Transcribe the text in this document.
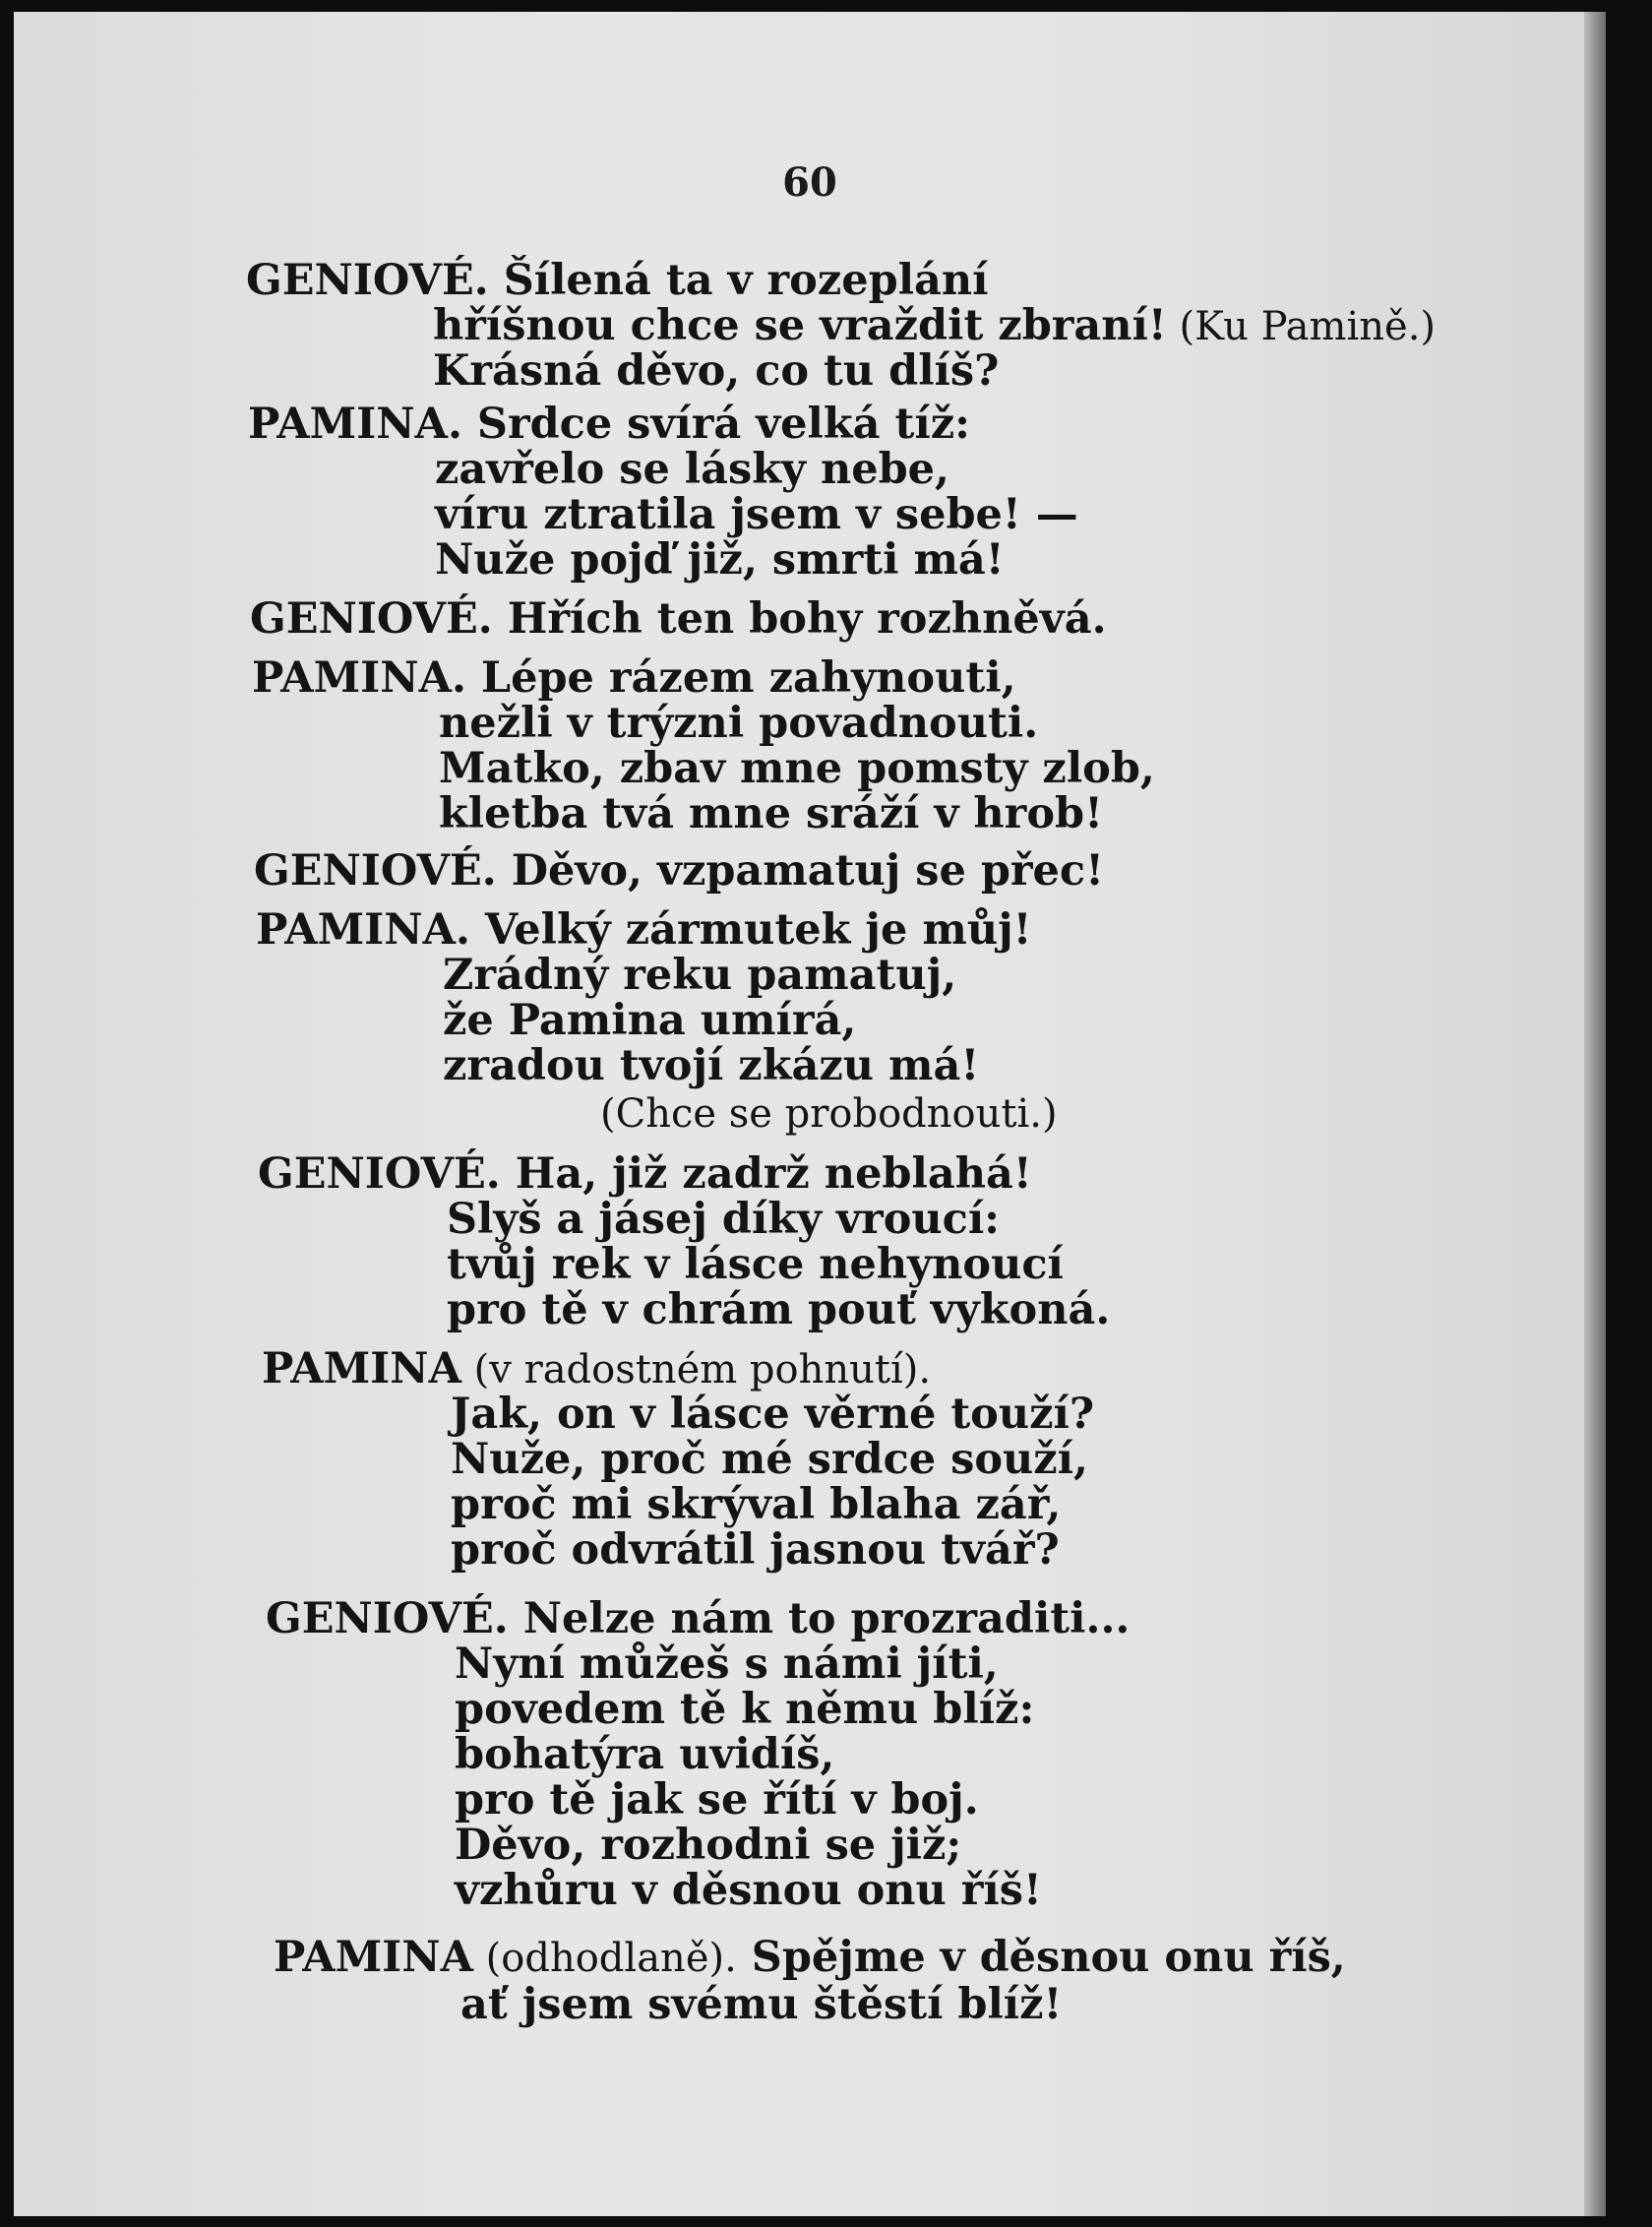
60
GENIOVÉ. Šílená ta v rozeplání
hříšnou chce se vraždit zbraní! (Ku Pamině.)
Krásná děvo, co tu dlíš?
PAMINA. Srdce svírá velká tíž:
zavřelo se lásky nebe,
víru ztratila jsem v sebe! —
Nuže pojď již, smrti má!
GENIOVÉ. Hřích ten bohy rozhněvá.
PAMINA. Lépe rázem zahynouti,
nežli v trýzni povadnouti.
Matko, zbav mne pomsty zlob,
kletba tvá mne sráží v hrob!
GENIOVÉ. Děvo, vzpamatuj se přec!
PAMINA. Velký zármutek je můj!
Zrádný reku pamatuj,
že Pamina umírá,
zradou tvojí zkázu má!
(Chce se probodnouti.)
GENIOVÉ. Ha, již zadrž neblahá!
Slyš a jásej díky vroucí:
tvůj rek v lásce nehynoucí
pro tě v chrám pouť vykoná.
PAMINA (v radostném pohnutí).
Jak, on v lásce věrné touží?
Nuže, proč mé srdce souží,
proč mi skrýval blaha zář,
proč odvrátil jasnou tvář?
GENIOVÉ. Nelze nám to prozraditi...
Nyní můžeš s námi jíti,
povedem tě k němu blíž:
bohatýra uvidíš,
pro tě jak se řítí v boj.
Děvo, rozhodni se již;
vzhůru v děsnou onu říš!
PAMINA (odhodlaně). Spějme v děsnou onu říš,
ať jsem svému štěstí blíž!
